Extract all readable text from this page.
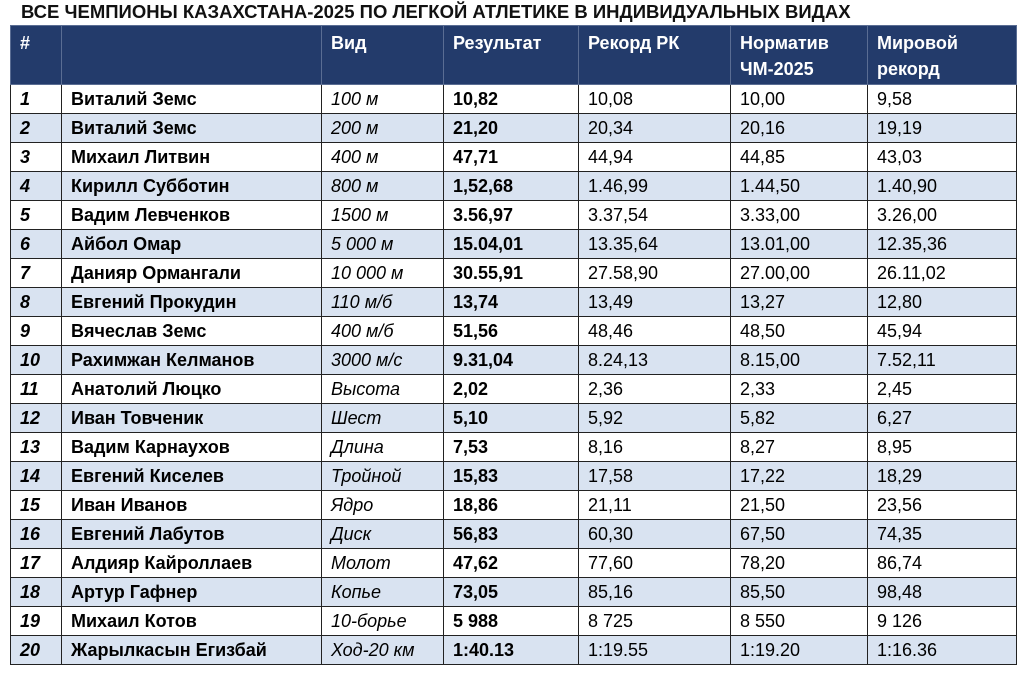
ВСЕ ЧЕМПИОНЫ КАЗАХСТАНА-2025 ПО ЛЕГКОЙ АТЛЕТИКЕ В ИНДИВИДУАЛЬНЫХ ВИДАХ
#		Вид	Результат	Рекорд РК	Норматив ЧМ-2025	Мировой рекорд
1	Виталий Земс	100 м	10,82	10,08	10,00	9,58
2	Виталий Земс	200 м	21,20	20,34	20,16	19,19
3	Михаил Литвин	400 м	47,71	44,94	44,85	43,03
4	Кирилл Субботин	800 м	1,52,68	1.46,99	1.44,50	1.40,90
5	Вадим Левченков	1500 м	3.56,97	3.37,54	3.33,00	3.26,00
6	Айбол Омар	5 000 м	15.04,01	13.35,64	13.01,00	12.35,36
7	Данияр Ормангали	10 000 м	30.55,91	27.58,90	27.00,00	26.11,02
8	Евгений Прокудин	110 м/б	13,74	13,49	13,27	12,80
9	Вячеслав Земс	400 м/б	51,56	48,46	48,50	45,94
10	Рахимжан Келманов	3000 м/с	9.31,04	8.24,13	8.15,00	7.52,11
11	Анатолий Люцко	Высота	2,02	2,36	2,33	2,45
12	Иван Товченик	Шест	5,10	5,92	5,82	6,27
13	Вадим Карнаухов	Длина	7,53	8,16	8,27	8,95
14	Евгений Киселев	Тройной	15,83	17,58	17,22	18,29
15	Иван Иванов	Ядро	18,86	21,11	21,50	23,56
16	Евгений Лабутов	Диск	56,83	60,30	67,50	74,35
17	Алдияр Кайроллаев	Молот	47,62	77,60	78,20	86,74
18	Артур Гафнер	Копье	73,05	85,16	85,50	98,48
19	Михаил Котов	10-борье	5 988	8 725	8 550	9 126
20	Жарылкасын Егизбай	Ход-20 км	1:40.13	1:19.55	1:19.20	1:16.36
